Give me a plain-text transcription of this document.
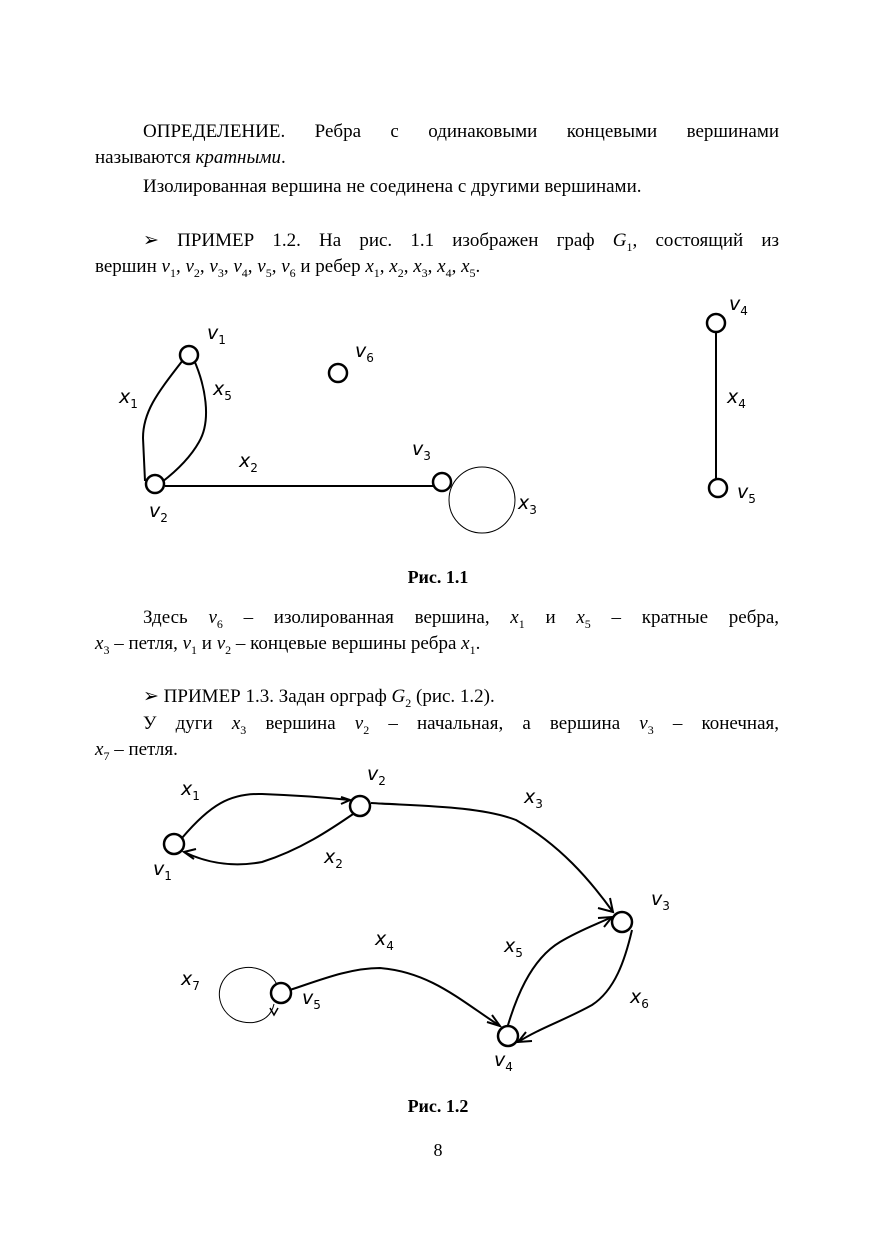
ОПРЕДЕЛЕНИЕ. Ребра с одинаковыми концевыми вершинами

называются кратными.

Изолированная вершина не соединена с другими вершинами.

➢ ПРИМЕР 1.2. На рис. 1.1 изображен граф $G_1$, состоящий из

вершин $v_1$, $v_2$, $v_3$, $v_4$, $v_5$, $v_6$ и ребер $x_1$, $x_2$, $x_3$, $x_4$, $x_5$.

$v_1$
$v_2$
$v_3$
$v_4$
$v_5$
$v_6$
$x_1$
$x_2$
$x_3$
$x_4$
$x_5$
Рис. 1.1

Здесь $v_6$ – изолированная вершина, $x_1$ и $x_5$ – кратные ребра,

$x_3$ – петля, $v_1$ и $v_2$ – концевые вершины ребра $x_1$.

➢ ПРИМЕР 1.3. Задан орграф $G_2$ (рис. 1.2).

У дуги $x_3$ вершина $v_2$ – начальная, а вершина $v_3$ – конечная,

$x_7$ – петля.

$v_1$
$v_2$
$v_3$
$v_4$
$v_5$
$x_1$
$x_2$
$x_3$
$x_4$	$x_5$
$x_6$
$x_7$
Рис. 1.2
8
